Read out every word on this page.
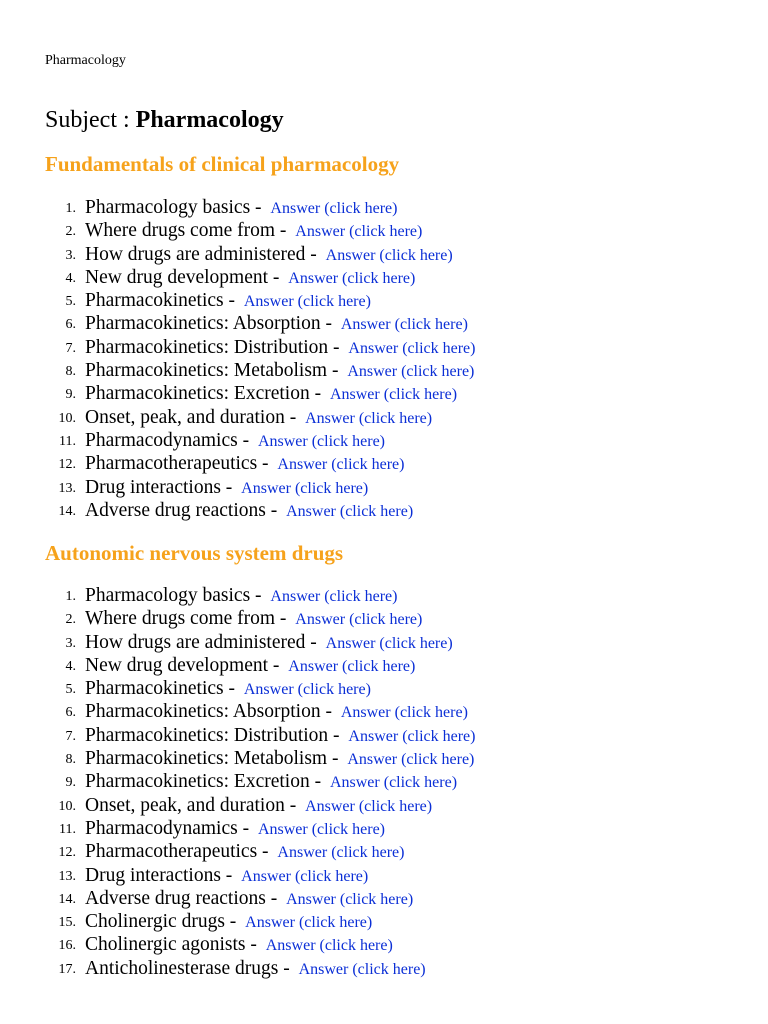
Pharmacology
Subject : Pharmacology
Fundamentals of clinical pharmacology
1. Pharmacology basics - Answer (click here)
2. Where drugs come from - Answer (click here)
3. How drugs are administered - Answer (click here)
4. New drug development - Answer (click here)
5. Pharmacokinetics - Answer (click here)
6. Pharmacokinetics: Absorption - Answer (click here)
7. Pharmacokinetics: Distribution - Answer (click here)
8. Pharmacokinetics: Metabolism - Answer (click here)
9. Pharmacokinetics: Excretion - Answer (click here)
10. Onset, peak, and duration - Answer (click here)
11. Pharmacodynamics - Answer (click here)
12. Pharmacotherapeutics - Answer (click here)
13. Drug interactions - Answer (click here)
14. Adverse drug reactions - Answer (click here)
Autonomic nervous system drugs
1. Pharmacology basics - Answer (click here)
2. Where drugs come from - Answer (click here)
3. How drugs are administered - Answer (click here)
4. New drug development - Answer (click here)
5. Pharmacokinetics - Answer (click here)
6. Pharmacokinetics: Absorption - Answer (click here)
7. Pharmacokinetics: Distribution - Answer (click here)
8. Pharmacokinetics: Metabolism - Answer (click here)
9. Pharmacokinetics: Excretion - Answer (click here)
10. Onset, peak, and duration - Answer (click here)
11. Pharmacodynamics - Answer (click here)
12. Pharmacotherapeutics - Answer (click here)
13. Drug interactions - Answer (click here)
14. Adverse drug reactions - Answer (click here)
15. Cholinergic drugs - Answer (click here)
16. Cholinergic agonists - Answer (click here)
17. Anticholinesterase drugs - Answer (click here)
